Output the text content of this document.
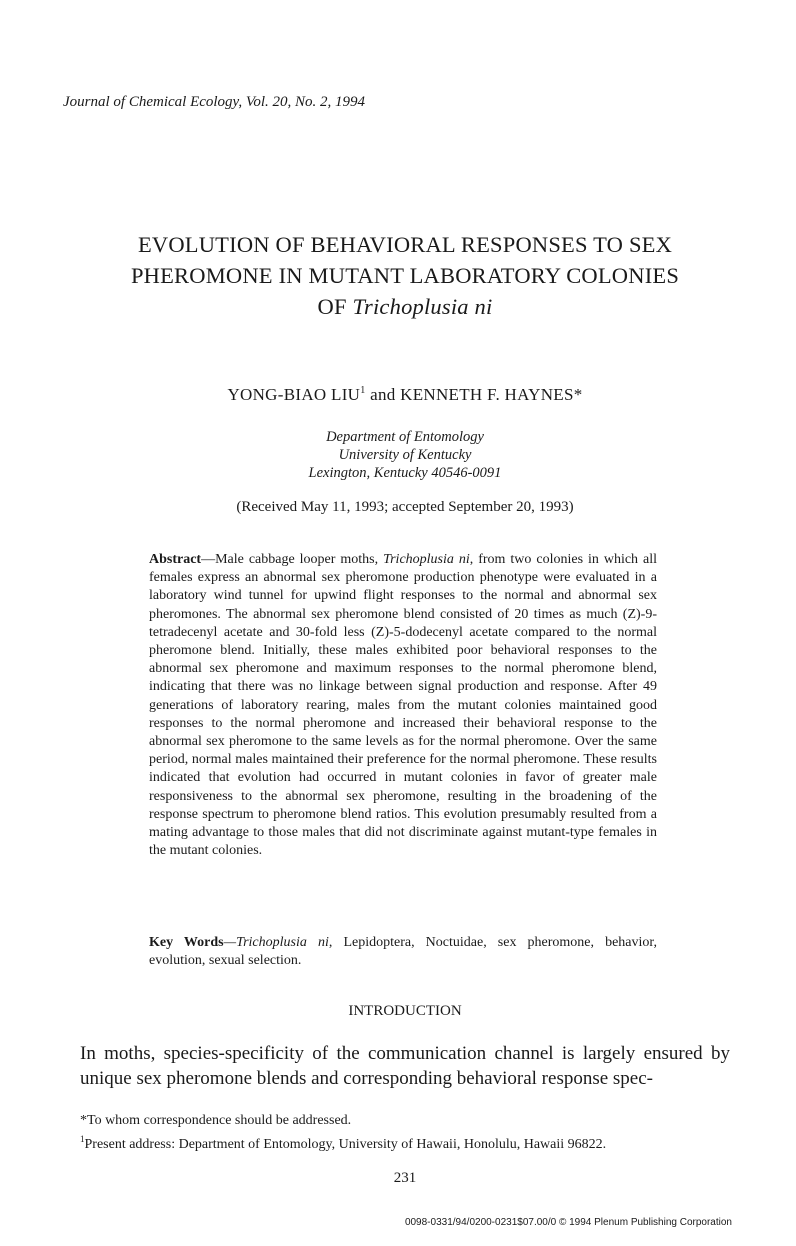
Journal of Chemical Ecology, Vol. 20, No. 2, 1994
EVOLUTION OF BEHAVIORAL RESPONSES TO SEX
PHEROMONE IN MUTANT LABORATORY COLONIES
OF Trichoplusia ni
YONG-BIAO LIU$^1$ and KENNETH F. HAYNES*
Department of Entomology
University of Kentucky
Lexington, Kentucky 40546-0091
(Received May 11, 1993; accepted September 20, 1993)
Abstract—Male cabbage looper moths, Trichoplusia ni, from two colonies in which all females express an abnormal sex pheromone production phenotype were evaluated in a laboratory wind tunnel for upwind flight responses to the normal and abnormal sex pheromones. The abnormal sex pheromone blend consisted of 20 times as much (Z)-9-tetradecenyl acetate and 30-fold less (Z)-5-dodecenyl acetate compared to the normal pheromone blend. Initially, these males exhibited poor behavioral responses to the abnormal sex pheromone and maximum responses to the normal pheromone blend, indicating that there was no linkage between signal production and response. After 49 generations of laboratory rearing, males from the mutant colonies maintained good responses to the normal pheromone and increased their behavioral response to the abnormal sex pheromone to the same levels as for the normal pheromone. Over the same period, normal males maintained their preference for the normal pheromone. These results indicated that evolution had occurred in mutant colonies in favor of greater male responsiveness to the abnormal sex pheromone, resulting in the broadening of the response spectrum to pheromone blend ratios. This evolution presumably resulted from a mating advantage to those males that did not discriminate against mutant-type females in the mutant colonies.
Key Words—Trichoplusia ni, Lepidoptera, Noctuidae, sex pheromone, behavior, evolution, sexual selection.
INTRODUCTION
In moths, species-specificity of the communication channel is largely ensured by unique sex pheromone blends and corresponding behavioral response spec-
*To whom correspondence should be addressed.
$^1$Present address: Department of Entomology, University of Hawaii, Honolulu, Hawaii 96822.
231
0098-0331/94/0200-0231$07.00/0 © 1994 Plenum Publishing Corporation
